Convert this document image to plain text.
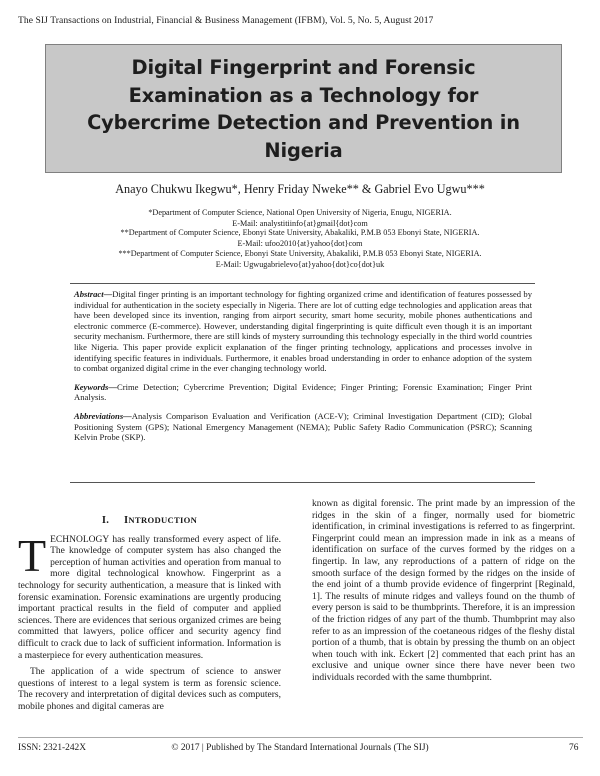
The SIJ Transactions on Industrial, Financial & Business Management (IFBM), Vol. 5, No. 5, August 2017
Digital Fingerprint and Forensic
Examination as a Technology for
Cybercrime Detection and Prevention in
Nigeria
Anayo Chukwu Ikegwu*, Henry Friday Nweke** & Gabriel Evo Ugwu***
*Department of Computer Science, National Open University of Nigeria, Enugu, NIGERIA.
E-Mail: analystitiinfo{at}gmail{dot}com
**Department of Computer Science, Ebonyi State University, Abakaliki, P.M.B 053 Ebonyi State, NIGERIA.
E-Mail: ufoo2010{at}yahoo{dot}com
***Department of Computer Science, Ebonyi State University, Abakaliki, P.M.B 053 Ebonyi State, NIGERIA.
E-Mail: Ugwugabrielevo{at}yahoo{dot}co{dot}uk

Abstract—Digital finger printing is an important technology for fighting organized crime and identification of features possessed by individual for authentication in the society especially in Nigeria. There are lot of cutting edge technologies and application areas that have been developed since its invention, ranging from airport security, smart home security, mobile phones authentications and electronic commerce (E-commerce). However, understanding digital fingerprinting is quite difficult even though it is an important security mechanism. Furthermore, there are still kinds of mystery surrounding this technology especially in the third world countries like Nigeria. This paper provide explicit explanation of the finger printing technology, applications and processes involve in identifying specific features in individuals. Furthermore, it enables broad understanding in order to enhance adoption of the system to combat organized digital crime in the ever changing technology world.

Keywords—Crime Detection; Cybercrime Prevention; Digital Evidence; Finger Printing; Forensic Examination; Finger Print Analysis.

Abbreviations—Analysis Comparison Evaluation and Verification (ACE-V); Criminal Investigation Department (CID); Global Positioning System (GPS); National Emergency Management (NEMA); Public Safety Radio Communication (PSRC); Scanning Kelvin Probe (SKP).

I. INTRODUCTION

TECHNOLOGY has really transformed every aspect of life. The knowledge of computer system has also changed the perception of human activities and operation from manual to more digital technological knowhow. Fingerprint as a technology for security authentication, a measure that is linked with forensic examination. Forensic examinations are urgently producing important practical results in the field of computer and applied sciences. There are evidences that serious organized crimes are being committed that lawyers, police officer and security agency find difficult to crack due to lack of sufficient information. Information is a masterpiece for every authentication measures.

The application of a wide spectrum of science to answer questions of interest to a legal system is term as forensic science. The recovery and interpretation of digital devices such as computers, mobile phones and digital cameras are

known as digital forensic. The print made by an impression of the ridges in the skin of a finger, normally used for biometric identification, in criminal investigations is referred to as fingerprint. Fingerprint could mean an impression made in ink as a means of identification on surface of the curves formed by the ridges on a fingertip. In law, any reproductions of a pattern of ridge on the smooth surface of the design formed by the ridges on the inside of the end joint of a thumb provide evidence of fingerprint [Reginald, 1]. The results of minute ridges and valleys found on the thumb of every person is said to be thumbprints. Therefore, it is an impression of the friction ridges of any part of the thumb. Thumbprint may also refer to as an impression of the coetaneous ridges of the fleshy distal portion of a thumb, that is obtain by pressing the thumb on an object when touch with ink. Eckert [2] commented that each print has an exclusive and unique owner since there have never been two individuals recorded with the same thumbprint.

ISSN: 2321-242X	© 2017 | Published by The Standard International Journals (The SIJ)	76
